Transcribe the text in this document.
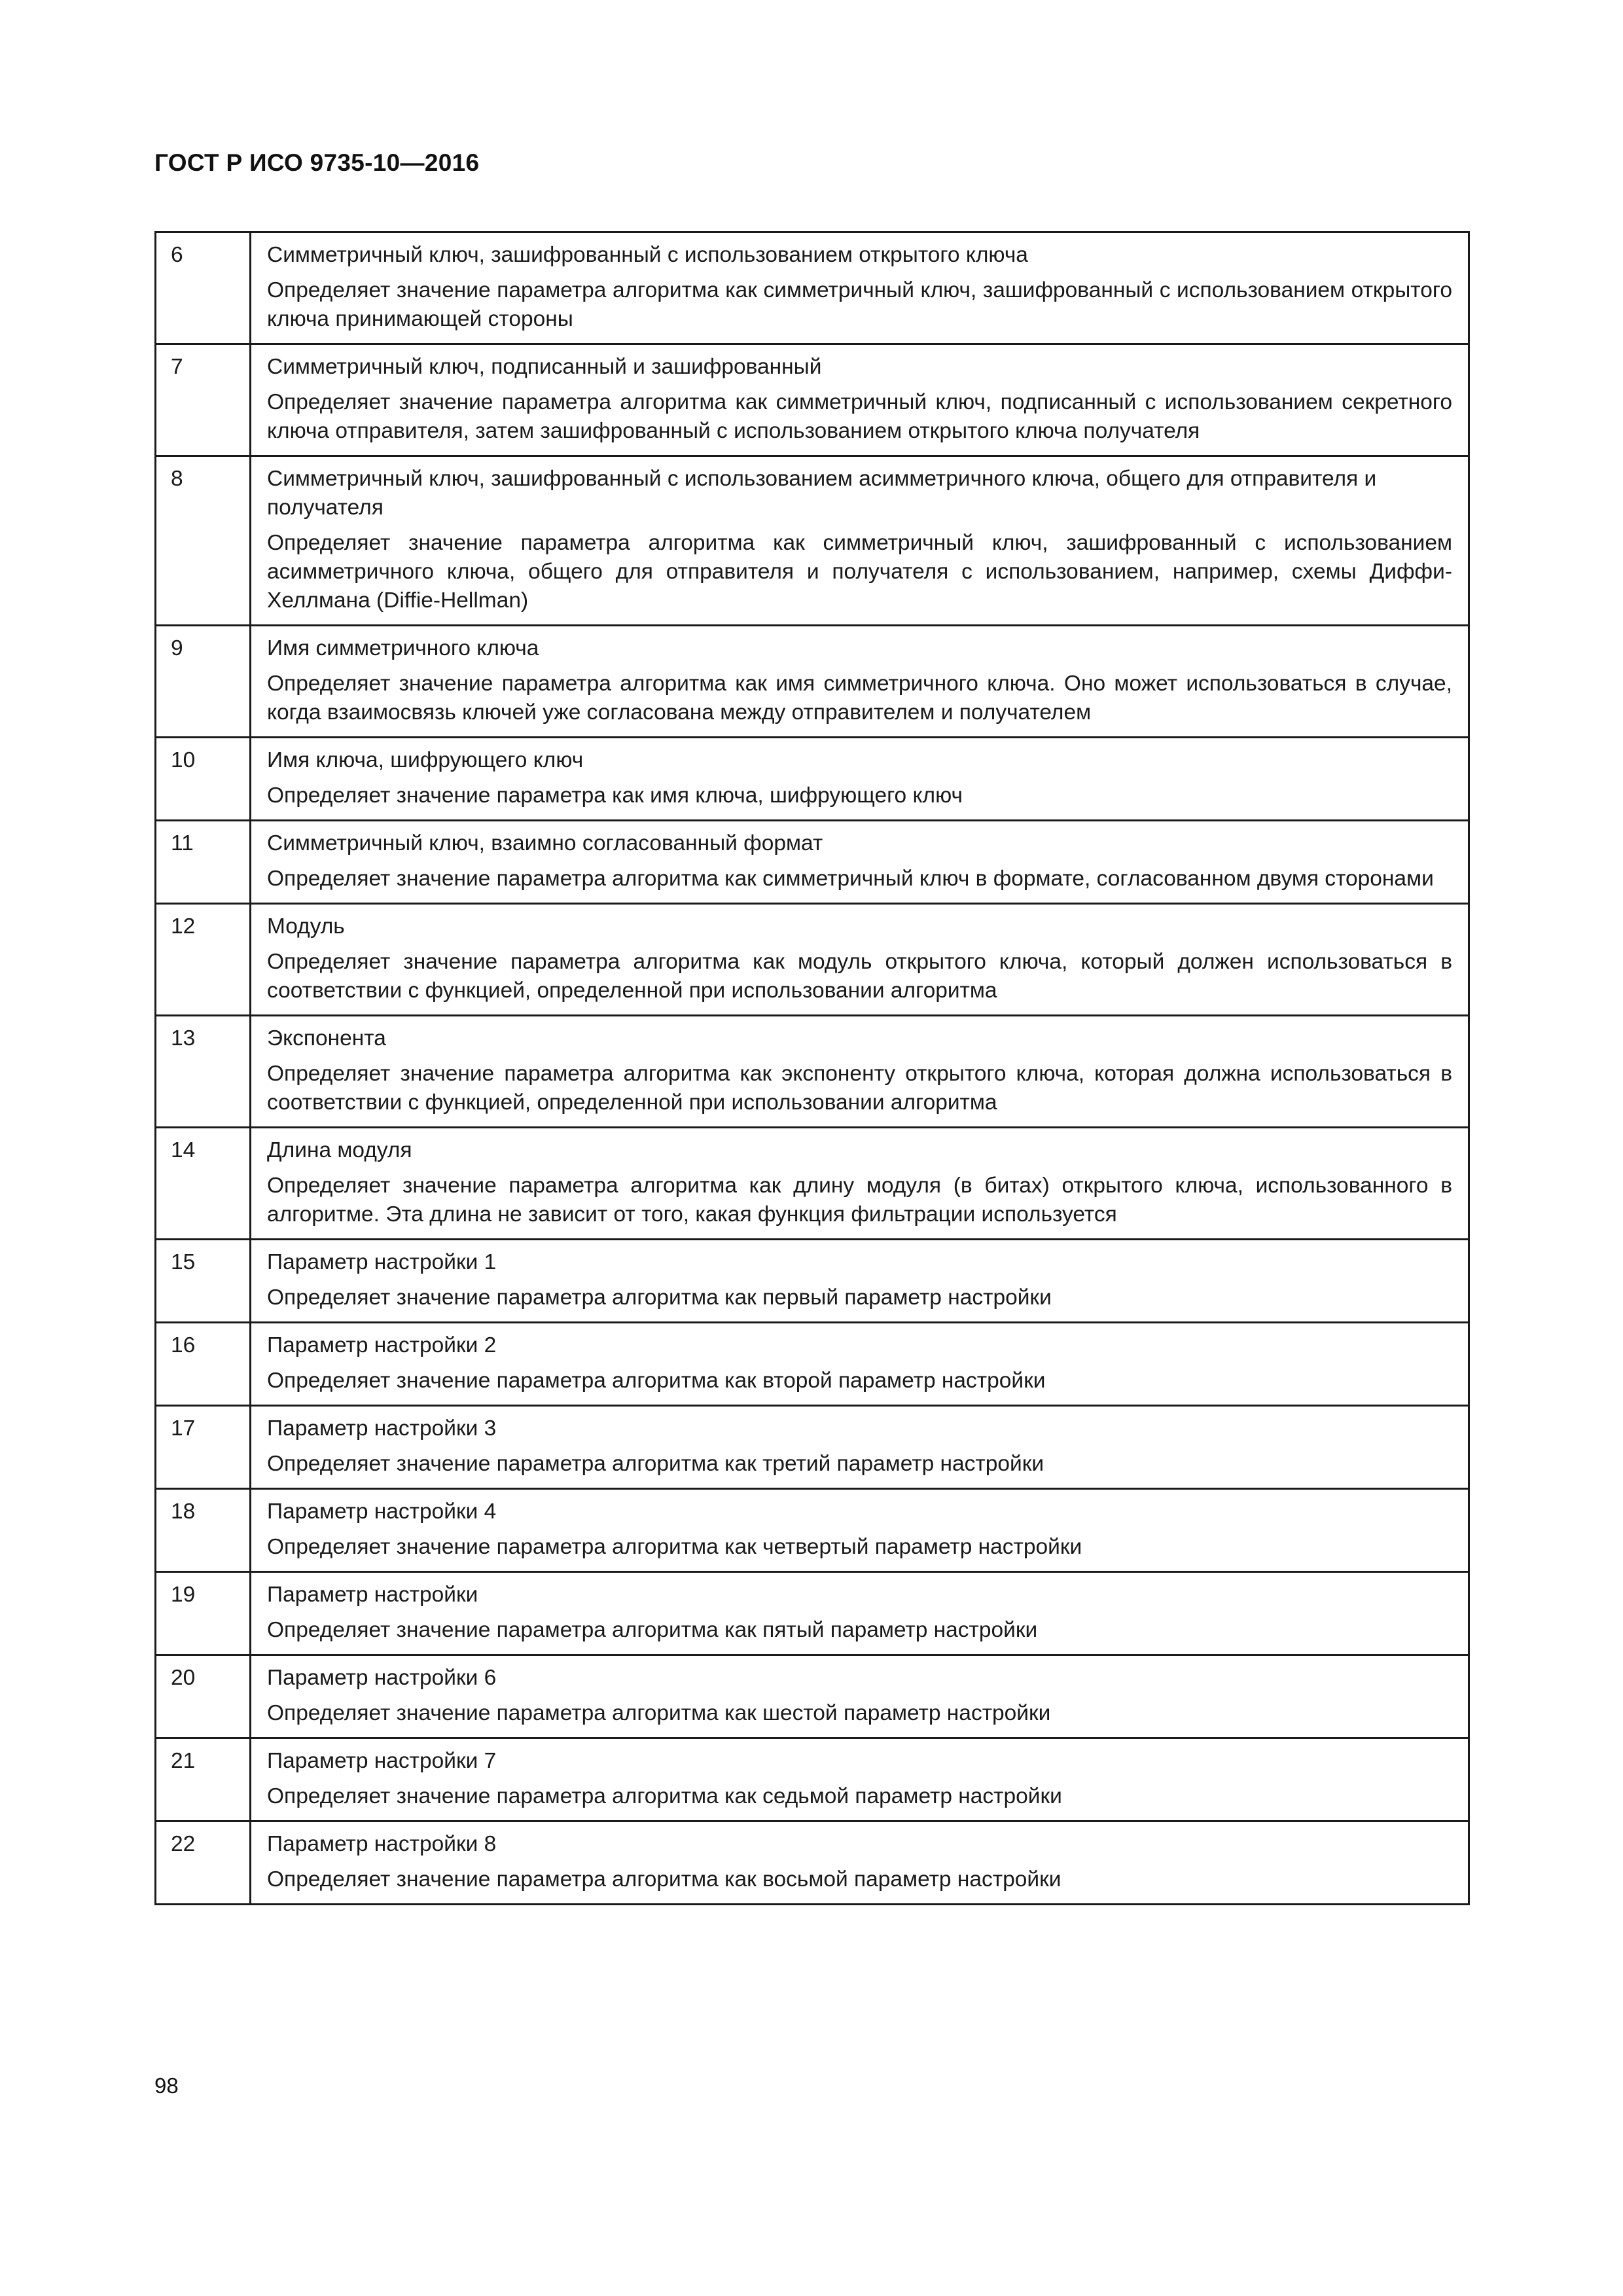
ГОСТ Р ИСО 9735-10—2016
6	Симметричный ключ, зашифрованный с использованием открытого ключа
Определяет значение параметра алгоритма как симметричный ключ, зашифрованный с использованием открытого ключа принимающей стороны

7	Симметричный ключ, подписанный и зашифрованный
Определяет значение параметра алгоритма как симметричный ключ, подписанный с использованием секретного ключа отправителя, затем зашифрованный с использованием открытого ключа получателя

8	Симметричный ключ, зашифрованный с использованием асимметричного ключа, общего для отправителя и получателя
Определяет значение параметра алгоритма как симметричный ключ, зашифрованный с использованием асимметричного ключа, общего для отправителя и получателя с использованием, например, схемы Диффи-Хеллмана (Diffie-Hellman)

9	Имя симметричного ключа
Определяет значение параметра алгоритма как имя симметричного ключа. Оно может использоваться в случае, когда взаимосвязь ключей уже согласована между отправителем и получателем

10	Имя ключа, шифрующего ключ
Определяет значение параметра как имя ключа, шифрующего ключ

11	Симметричный ключ, взаимно согласованный формат
Определяет значение параметра алгоритма как симметричный ключ в формате, согласованном двумя сторонами

12	Модуль
Определяет значение параметра алгоритма как модуль открытого ключа, который должен использоваться в соответствии с функцией, определенной при использовании алгоритма

13	Экспонента
Определяет значение параметра алгоритма как экспоненту открытого ключа, которая должна использоваться в соответствии с функцией, определенной при использовании алгоритма

14	Длина модуля
Определяет значение параметра алгоритма как длину модуля (в битах) открытого ключа, использованного в алгоритме. Эта длина не зависит от того, какая функция фильтрации используется

15	Параметр настройки 1
Определяет значение параметра алгоритма как первый параметр настройки

16	Параметр настройки 2
Определяет значение параметра алгоритма как второй параметр настройки

17	Параметр настройки 3
Определяет значение параметра алгоритма как третий параметр настройки

18	Параметр настройки 4
Определяет значение параметра алгоритма как четвертый параметр настройки

19	Параметр настройки
Определяет значение параметра алгоритма как пятый параметр настройки

20	Параметр настройки 6
Определяет значение параметра алгоритма как шестой параметр настройки

21	Параметр настройки 7
Определяет значение параметра алгоритма как седьмой параметр настройки

22	Параметр настройки 8
Определяет значение параметра алгоритма как восьмой параметр настройки
98
